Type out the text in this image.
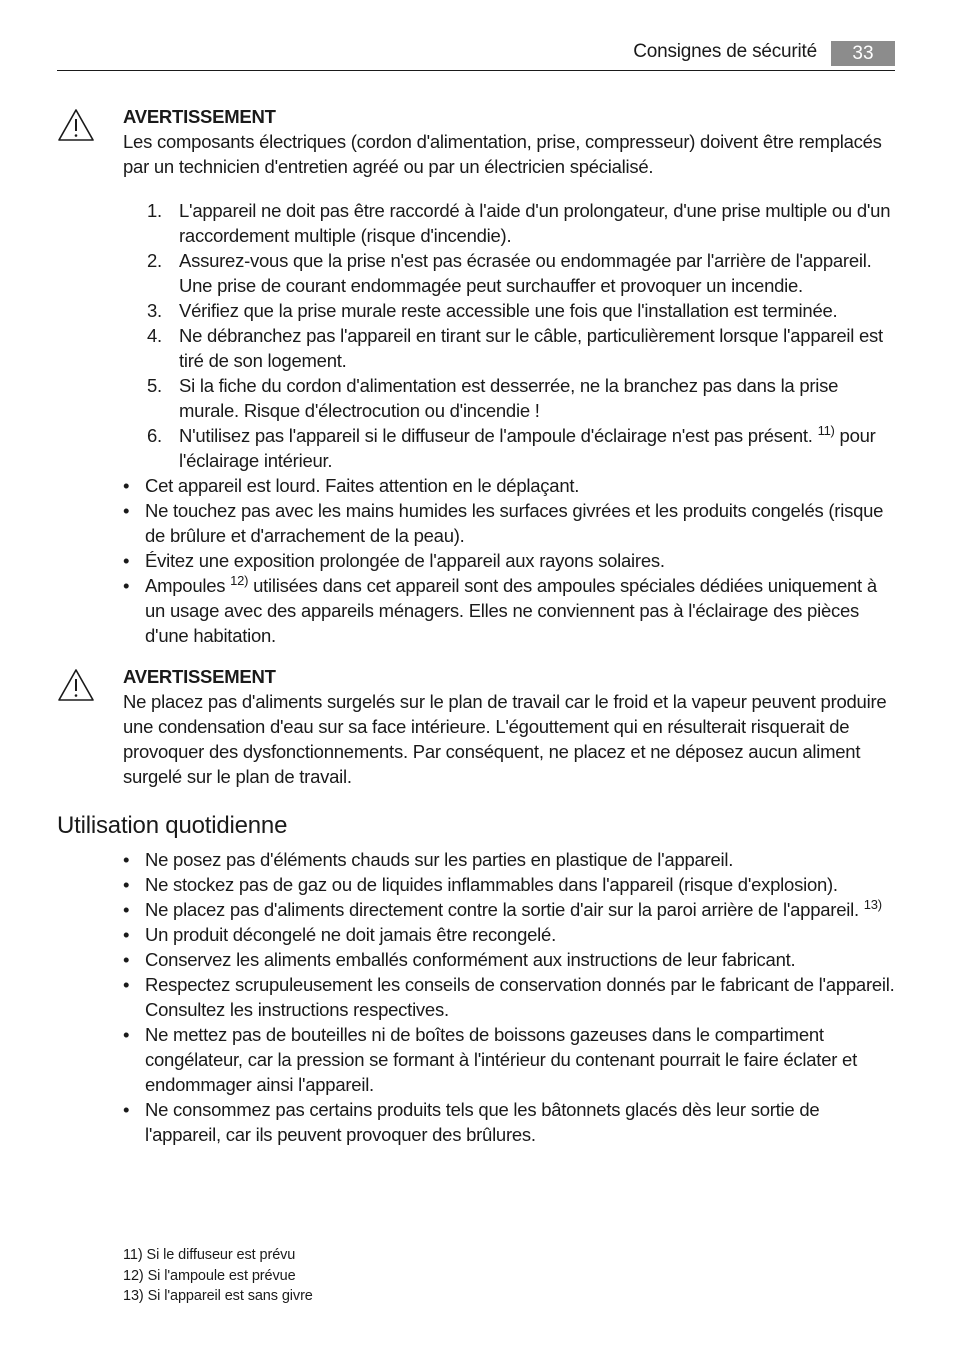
Consignes de sécurité	33
AVERTISSEMENT
Les composants électriques (cordon d'alimentation, prise, compresseur) doivent être remplacés par un technicien d'entretien agréé ou par un électricien spécialisé.
1. L'appareil ne doit pas être raccordé à l'aide d'un prolongateur, d'une prise multiple ou d'un raccordement multiple (risque d'incendie).
2. Assurez-vous que la prise n'est pas écrasée ou endommagée par l'arrière de l'appareil. Une prise de courant endommagée peut surchauffer et provoquer un incendie.
3. Vérifiez que la prise murale reste accessible une fois que l'installation est terminée.
4. Ne débranchez pas l'appareil en tirant sur le câble, particulièrement lorsque l'appareil est tiré de son logement.
5. Si la fiche du cordon d'alimentation est desserrée, ne la branchez pas dans la prise murale. Risque d'électrocution ou d'incendie !
6. N'utilisez pas l'appareil si le diffuseur de l'ampoule d'éclairage n'est pas présent. $^{11)}$ pour l'éclairage intérieur.
• Cet appareil est lourd. Faites attention en le déplaçant.
• Ne touchez pas avec les mains humides les surfaces givrées et les produits congelés (risque de brûlure et d'arrachement de la peau).
• Évitez une exposition prolongée de l'appareil aux rayons solaires.
• Ampoules $^{12)}$ utilisées dans cet appareil sont des ampoules spéciales dédiées uniquement à un usage avec des appareils ménagers. Elles ne conviennent pas à l'éclairage des pièces d'une habitation.
AVERTISSEMENT
Ne placez pas d'aliments surgelés sur le plan de travail car le froid et la vapeur peuvent produire une condensation d'eau sur sa face intérieure. L'égouttement qui en résulterait risquerait de provoquer des dysfonctionnements. Par conséquent, ne placez et ne déposez aucun aliment surgelé sur le plan de travail.
Utilisation quotidienne
• Ne posez pas d'éléments chauds sur les parties en plastique de l'appareil.
• Ne stockez pas de gaz ou de liquides inflammables dans l'appareil (risque d'explosion).
• Ne placez pas d'aliments directement contre la sortie d'air sur la paroi arrière de l'appareil. $^{13)}$
• Un produit décongelé ne doit jamais être recongelé.
• Conservez les aliments emballés conformément aux instructions de leur fabricant.
• Respectez scrupuleusement les conseils de conservation donnés par le fabricant de l'appareil. Consultez les instructions respectives.
• Ne mettez pas de bouteilles ni de boîtes de boissons gazeuses dans le compartiment congélateur, car la pression se formant à l'intérieur du contenant pourrait le faire éclater et endommager ainsi l'appareil.
• Ne consommez pas certains produits tels que les bâtonnets glacés dès leur sortie de l'appareil, car ils peuvent provoquer des brûlures.
11) Si le diffuseur est prévu
12) Si l'ampoule est prévue
13) Si l'appareil est sans givre
